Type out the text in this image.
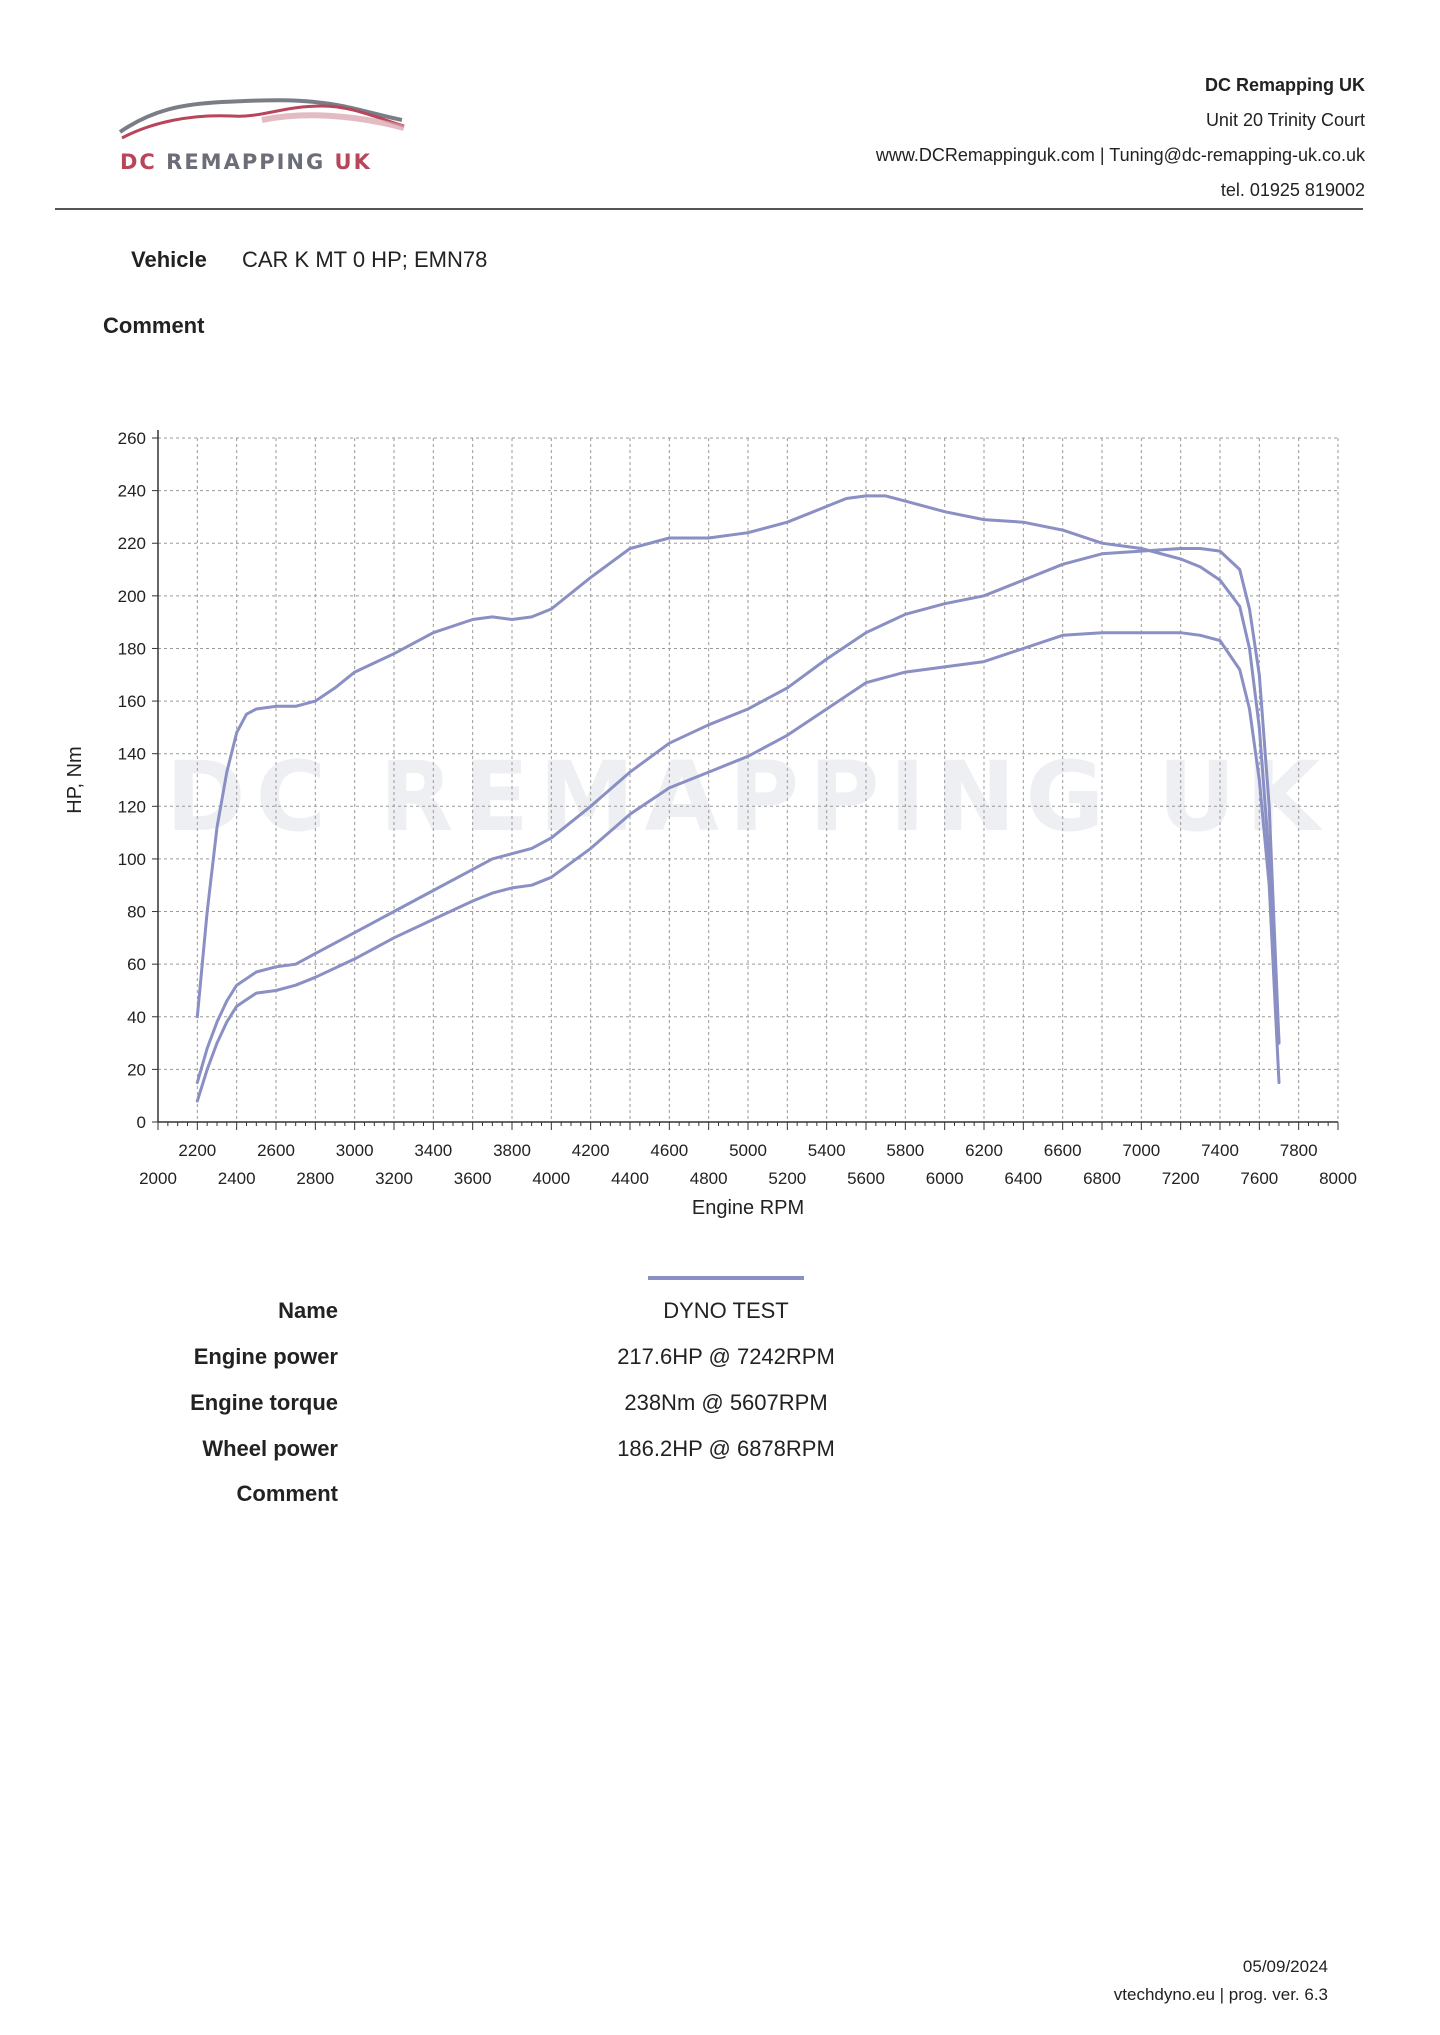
DC REMAPPING UK
DC Remapping UK
Unit 20 Trinity Court
www.DCRemappinguk.com | Tuning@dc-remapping-uk.co.uk
tel. 01925 819002
Vehicle CAR K MT 0 HP; EMN78
Comment
DC REMAPPING UK
0
20
40
60
80
100
120
140
160
180
200
220
240
260
2200 2600 3000 3400 3800 4200 4600 5000 5400 5800 6200 6600 7000 7400 7800
2000 2400 2800 3200 3600 4000 4400 4800 5200 5600 6000 6400 6800 7200 7600 8000
Engine RPM
HP, Nm
Name	DYNO TEST
Engine power	217.6HP @ 7242RPM
Engine torque	238Nm @ 5607RPM
Wheel power	186.2HP @ 6878RPM
Comment
05/09/2024
vtechdyno.eu | prog. ver. 6.3
